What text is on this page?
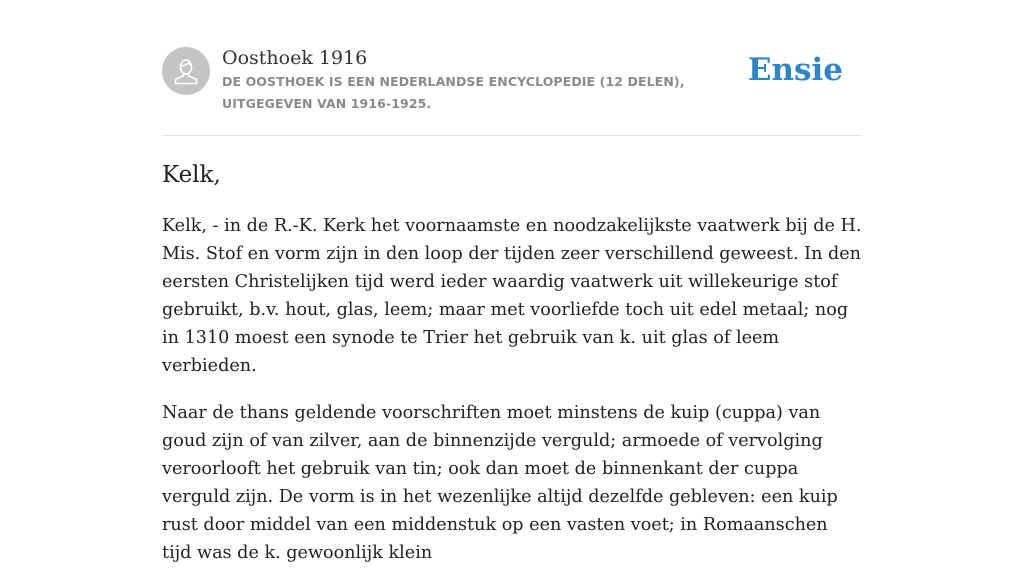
Oosthoek 1916
DE OOSTHOEK IS EEN NEDERLANDSE ENCYCLOPEDIE (12 DELEN), UITGEGEVEN VAN 1916-1925.
Ensie
Kelk,

Kelk, - in de R.-K. Kerk het voornaamste en noodzakelijkste vaatwerk bij de H. Mis. Stof en vorm zijn in den loop der tijden zeer verschillend geweest. In den eersten Christelijken tijd werd ieder waardig vaatwerk uit willekeurige stof gebruikt, b.v. hout, glas, leem; maar met voorliefde toch uit edel metaal; nog in 1310 moest een synode te Trier het gebruik van k. uit glas of leem verbieden.

Naar de thans geldende voorschriften moet minstens de kuip (cuppa) van goud zijn of van zilver, aan de binnenzijde verguld; armoede of vervolging veroorlooft het gebruik van tin; ook dan moet de binnenkant der cuppa verguld zijn. De vorm is in het wezenlijke altijd dezelfde gebleven: een kuip rust door middel van een middenstuk op een vasten voet; in Romaanschen tijd was de k. gewoonlijk klein
